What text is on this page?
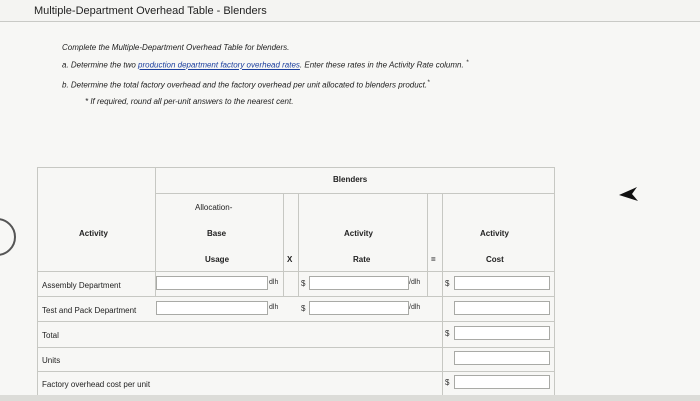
Multiple-Department Overhead Table - Blenders
Complete the Multiple-Department Overhead Table for blenders.
a. Determine the two production department factory overhead rates. Enter these rates in the Activity Rate column. *
b. Determine the total factory overhead and the factory overhead per unit allocated to blenders product.*
* If required, round all per-unit answers to the nearest cent.
Blenders
Activity
Allocation-
Base
Usage	X
Activity
Rate	=
Activity
Cost
Assembly Department	dlh	$	/dlh	$
Test and Pack Department	dlh	$	/dlh
Total	$
Units
Factory overhead cost per unit	$
